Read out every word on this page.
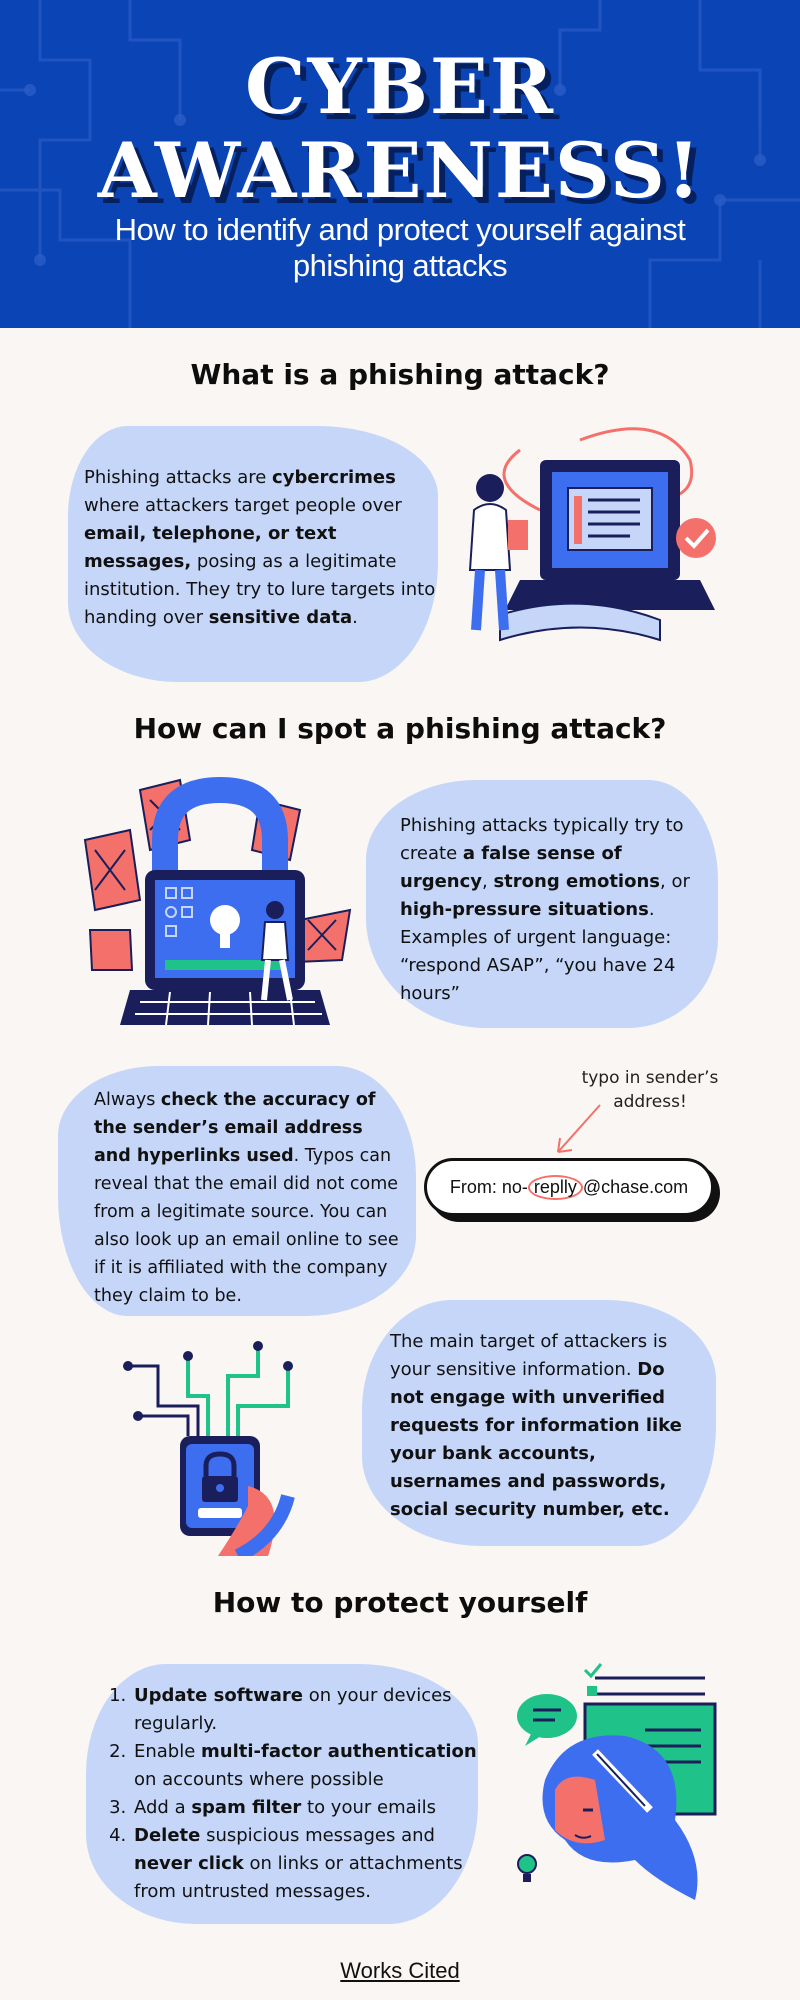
CYBER
AWARENESS!
How to identify and protect yourself against phishing attacks
What is a phishing attack?
Phishing attacks are cybercrimes where attackers target people over email, telephone, or text messages, posing as a legitimate institution. They try to lure targets into handing over sensitive data.
How can I spot a phishing attack?
Phishing attacks typically try to create a false sense of urgency, strong emotions, or high-pressure situations. Examples of urgent language: “respond ASAP”, “you have 24 hours”
Always check the accuracy of the sender’s email address and hyperlinks used. Typos can reveal that the email did not come from a legitimate source. You can also look up an email online to see if it is affiliated with the company they claim to be.
typo in sender’s address!
From: no- replly @chase.com
The main target of attackers is your sensitive information. Do not engage with unverified requests for information like your bank accounts, usernames and passwords, social security number, etc.
How to protect yourself
1. Update software on your devices regularly.
2. Enable multi-factor authentication on accounts where possible
3. Add a spam filter to your emails
4. Delete suspicious messages and never click on links or attachments from untrusted messages.
Works Cited
